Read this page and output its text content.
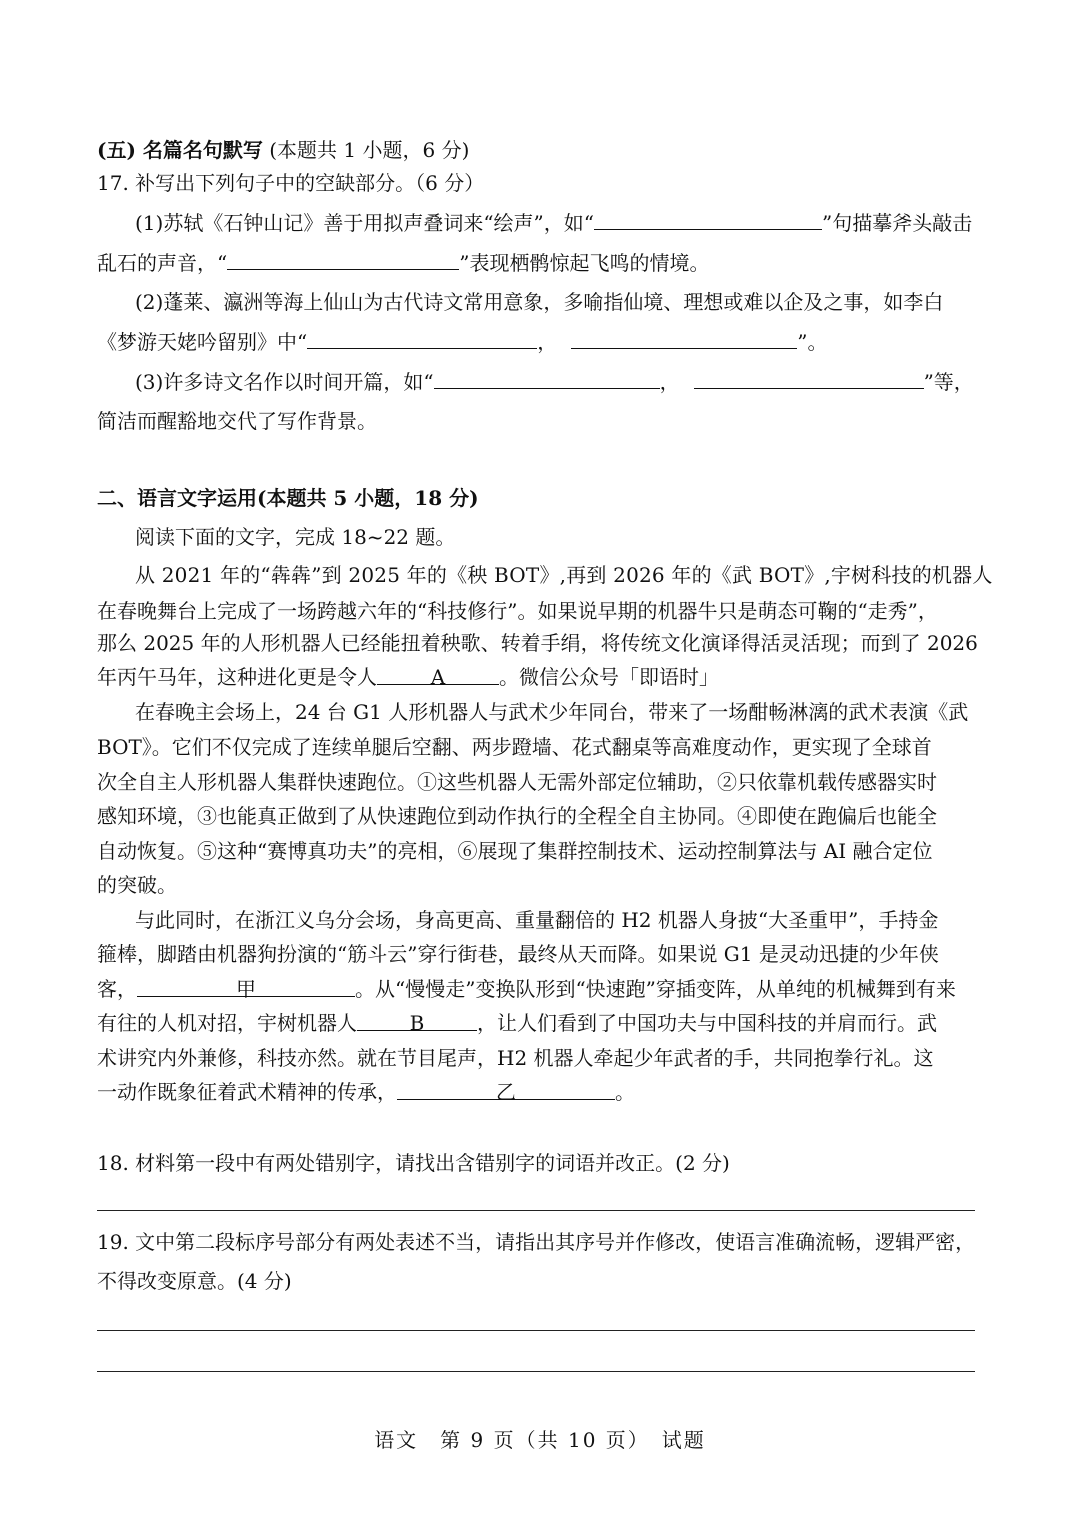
(五) 名篇名句默写 (本题共 1 小题，6 分)
17. 补写出下列句子中的空缺部分。（6 分）
(1)苏轼《石钟山记》善于用拟声叠词来“绘声”，如“	”句描摹斧头敲击
乱石的声音，“	”表现栖鹘惊起飞鸣的情境。
(2)蓬莱、瀛洲等海上仙山为古代诗文常用意象，多喻指仙境、理想或难以企及之事，如李白
《梦游天姥吟留别》中“	，	”。
(3)许多诗文名作以时间开篇，如“	，	”等，
简洁而醒豁地交代了写作背景。
二、语言文字运用(本题共 5 小题，18 分)
阅读下面的文字，完成 18~22 题。
从 2021 年的“犇犇”到 2025 年的《秧 BOT》,再到 2026 年的《武 BOT》,宇树科技的机器人
在春晚舞台上完成了一场跨越六年的“科技修行”。如果说早期的机器牛只是萌态可鞠的“走秀”，
那么 2025 年的人形机器人已经能扭着秧歌、转着手绢，将传统文化演译得活灵活现；而到了 2026
年丙午马年，这种进化更是令人	A	。微信公众号「即语时」
在春晚主会场上，24 台 G1 人形机器人与武术少年同台，带来了一场酣畅淋漓的武术表演《武
BOT》。它们不仅完成了连续单腿后空翻、两步蹬墙、花式翻桌等高难度动作，更实现了全球首
次全自主人形机器人集群快速跑位。①这些机器人无需外部定位辅助，②只依靠机载传感器实时
感知环境，③也能真正做到了从快速跑位到动作执行的全程全自主协同。④即使在跑偏后也能全
自动恢复。⑤这种“赛博真功夫”的亮相，⑥展现了集群控制技术、运动控制算法与 AI 融合定位
的突破。
与此同时，在浙江义乌分会场，身高更高、重量翻倍的 H2 机器人身披“大圣重甲”，手持金
箍棒，脚踏由机器狗扮演的“筋斗云”穿行街巷，最终从天而降。如果说 G1 是灵动迅捷的少年侠
客，	甲	。从“慢慢走”变换队形到“快速跑”穿插变阵，从单纯的机械舞到有来
有往的人机对招，宇树机器人	B	，让人们看到了中国功夫与中国科技的并肩而行。武
术讲究内外兼修，科技亦然。就在节目尾声，H2 机器人牵起少年武者的手，共同抱拳行礼。这
一动作既象征着武术精神的传承，	乙	。
18. 材料第一段中有两处错别字，请找出含错别字的词语并改正。(2 分)
19. 文中第二段标序号部分有两处表述不当，请指出其序号并作修改，使语言准确流畅，逻辑严密，
不得改变原意。(4 分)
语文　第 9 页（共 10 页）　试题
